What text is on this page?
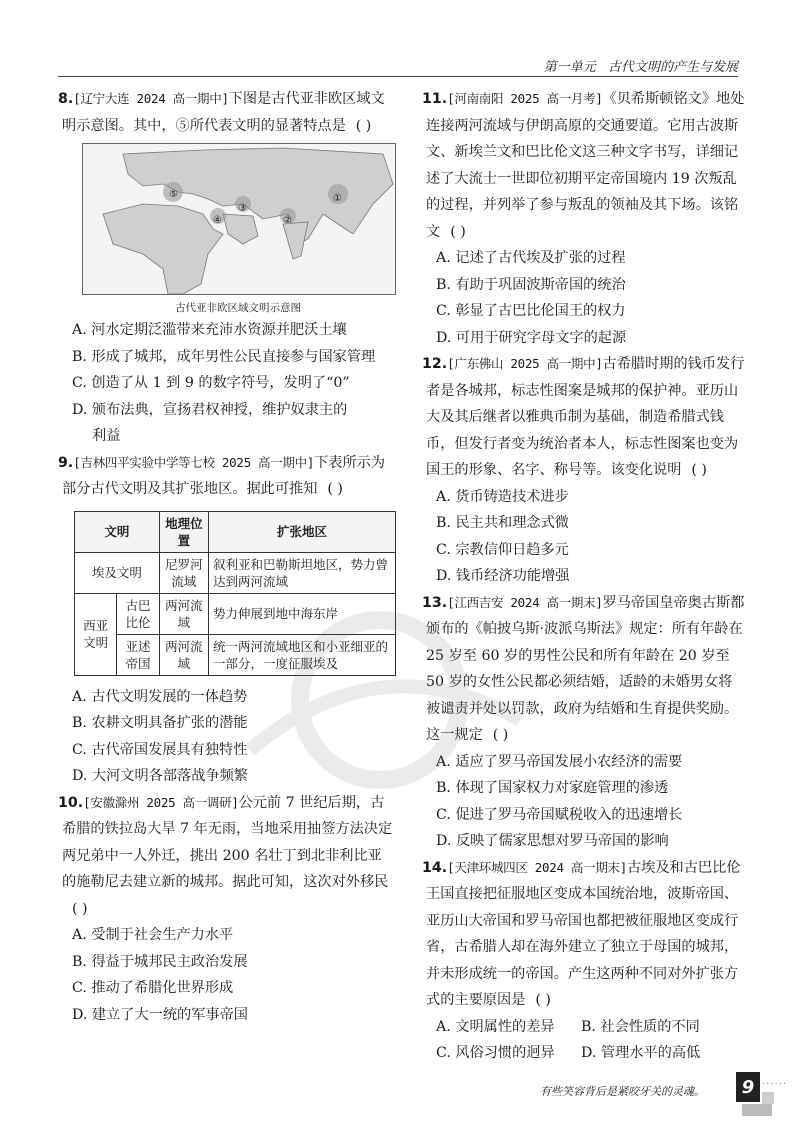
第一单元 古代文明的产生与发展
8.[辽宁大连 2024 高一期中]下图是古代亚非欧区域文明示意图。其中，⑤所代表文明的显著特点是 ( )
⑤
④
③
②
①
古代亚非欧区域文明示意图
A. 河水定期泛滥带来充沛水资源并肥沃土壤
B. 形成了城邦，成年男性公民直接参与国家管理
C. 创造了从 1 到 9 的数字符号，发明了“0”
D. 颁布法典，宣扬君权神授，维护奴隶主的
利益
9.[吉林四平实验中学等七校 2025 高一期中]下表所示为部分古代文明及其扩张地区。据此可推知 ( )
文明		地理位置	扩张地区
埃及文明		尼罗河流域	叙利亚和巴勒斯坦地区，势力曾达到两河流域
西亚文明	古巴比伦	两河流域	势力伸展到地中海东岸
	亚述帝国	两河流域	统一两河流域地区和小亚细亚的一部分，一度征服埃及
A. 古代文明发展的一体趋势
B. 农耕文明具备扩张的潜能
C. 古代帝国发展具有独特性
D. 大河文明各部落战争频繁
10.[安徽滁州 2025 高一调研]公元前 7 世纪后期，古希腊的铁拉岛大旱 7 年无雨，当地采用抽签方法决定两兄弟中一人外迁，挑出 200 名壮丁到北非利比亚的施勒尼去建立新的城邦。据此可知，这次对外移民( )
A. 受制于社会生产力水平
B. 得益于城邦民主政治发展
C. 推动了希腊化世界形成
D. 建立了大一统的军事帝国
11.[河南南阳 2025 高一月考]《贝希斯顿铭文》地处连接两河流域与伊朗高原的交通要道。它用古波斯文、新埃兰文和巴比伦文这三种文字书写，详细记述了大流士一世即位初期平定帝国境内 19 次叛乱的过程，并列举了参与叛乱的领袖及其下场。该铭文 ( )
A. 记述了古代埃及扩张的过程
B. 有助于巩固波斯帝国的统治
C. 彰显了古巴比伦国王的权力
D. 可用于研究字母文字的起源
12.[广东佛山 2025 高一期中]古希腊时期的钱币发行者是各城邦，标志性图案是城邦的保护神。亚历山大及其后继者以雅典币制为基础，制造希腊式钱币，但发行者变为统治者本人，标志性图案也变为国王的形象、名字、称号等。该变化说明 ( )
A. 货币铸造技术进步
B. 民主共和理念式微
C. 宗教信仰日趋多元
D. 钱币经济功能增强
13.[江西吉安 2024 高一期末]罗马帝国皇帝奥古斯都颁布的《帕披乌斯·波派乌斯法》规定：所有年龄在 25 岁至 60 岁的男性公民和所有年龄在 20 岁至 50 岁的女性公民都必须结婚，适龄的未婚男女将被谴责并处以罚款，政府为结婚和生育提供奖励。这一规定 ( )
A. 适应了罗马帝国发展小农经济的需要
B. 体现了国家权力对家庭管理的渗透
C. 促进了罗马帝国赋税收入的迅速增长
D. 反映了儒家思想对罗马帝国的影响
14.[天津环城四区 2024 高一期末]古埃及和古巴比伦王国直接把征服地区变成本国统治地，波斯帝国、亚历山大帝国和罗马帝国也都把被征服地区变成行省，古希腊人却在海外建立了独立于母国的城邦，并未形成统一的帝国。产生这两种不同对外扩张方式的主要原因是 ( )
A. 文明属性的差异	B. 社会性质的不同
C. 风俗习惯的迥异	D. 管理水平的高低
有些笑容背后是紧咬牙关的灵魂。	9 ······
